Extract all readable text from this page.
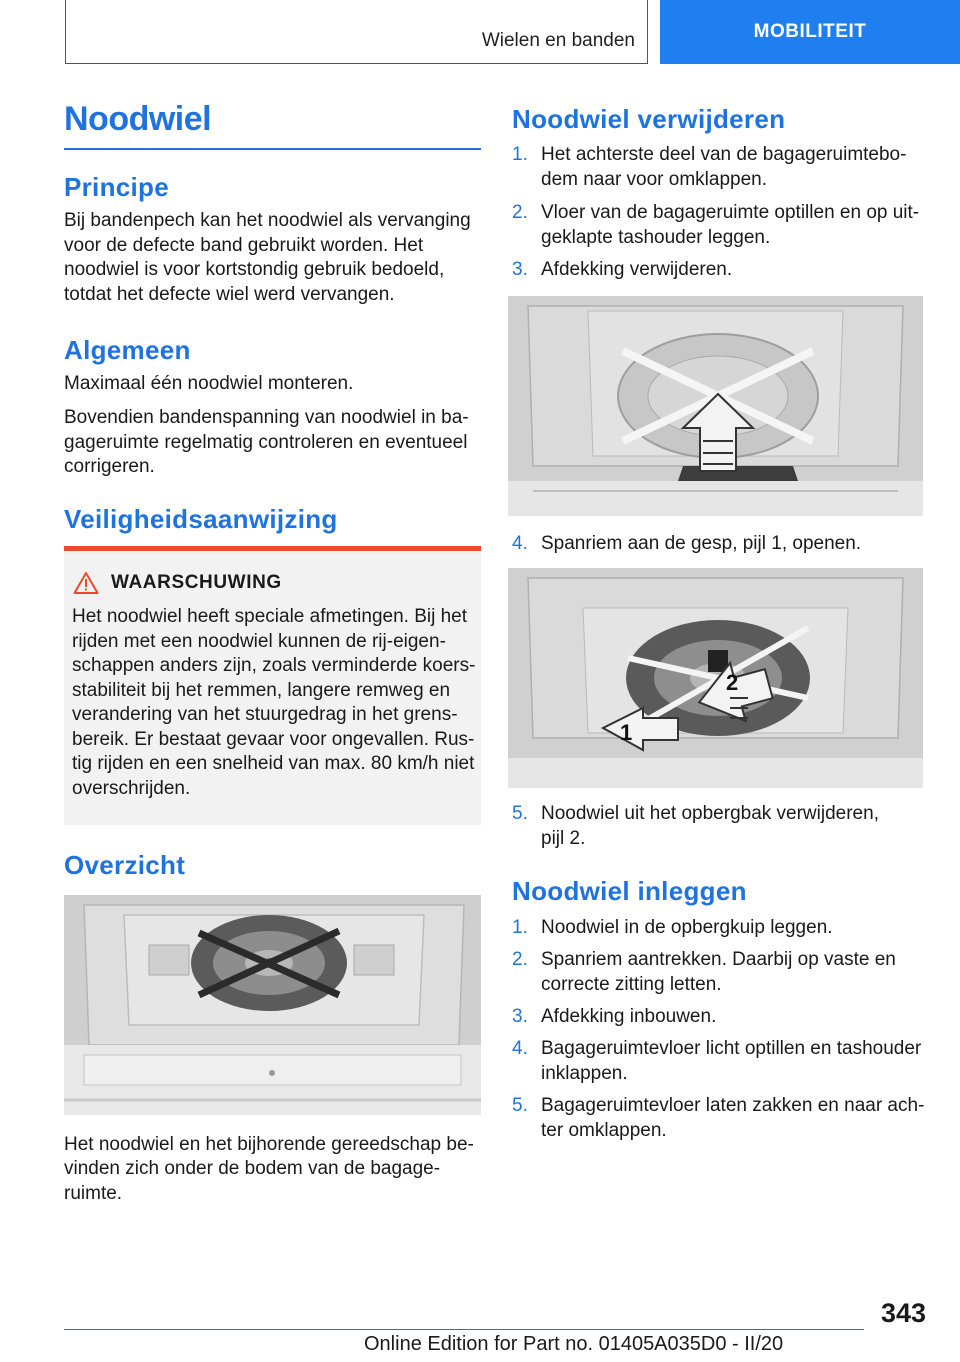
Wielen en banden	MOBILITEIT
Noodwiel
Principe

Bij bandenpech kan het noodwiel als vervanging

voor de defecte band gebruikt worden. Het

noodwiel is voor kortstondig gebruik bedoeld,

totdat het defecte wiel werd vervangen.

Algemeen

Maximaal één noodwiel monteren.

Bovendien bandenspanning van noodwiel in ba-

gageruimte regelmatig controleren en eventueel

corrigeren.

Veiligheidsaanwijzing
WAARSCHUWING

Het noodwiel heeft speciale afmetingen. Bij het

rijden met een noodwiel kunnen de rij-eigen-

schappen anders zijn, zoals verminderde koers-

stabiliteit bij het remmen, langere remweg en

verandering van het stuurgedrag in het grens-

bereik. Er bestaat gevaar voor ongevallen. Rus-

tig rijden en een snelheid van max. 80 km/h niet

overschrijden.

Overzicht

Het noodwiel en het bijhorende gereedschap be-

vinden zich onder de bodem van de bagage-

ruimte.

Noodwiel verwijderen
1. Het achterste deel van de bagageruimtebo-
dem naar voor omklappen.
2. Vloer van de bagageruimte optillen en op uit-
geklapte tashouder leggen.
3. Afdekking verwijderen.
4. Spanriem aan de gesp, pijl 1, openen.
2
1
5. Noodwiel uit het opbergbak verwijderen,
pijl 2.
Noodwiel inleggen
1. Noodwiel in de opbergkuip leggen.
2. Spanriem aantrekken. Daarbij op vaste en
correcte zitting letten.
3. Afdekking inbouwen.
4. Bagageruimtevloer licht optillen en tashouder
inklappen.
5. Bagageruimtevloer laten zakken en naar ach-
ter omklappen.
343
Online Edition for Part no. 01405A035D0 - II/20
